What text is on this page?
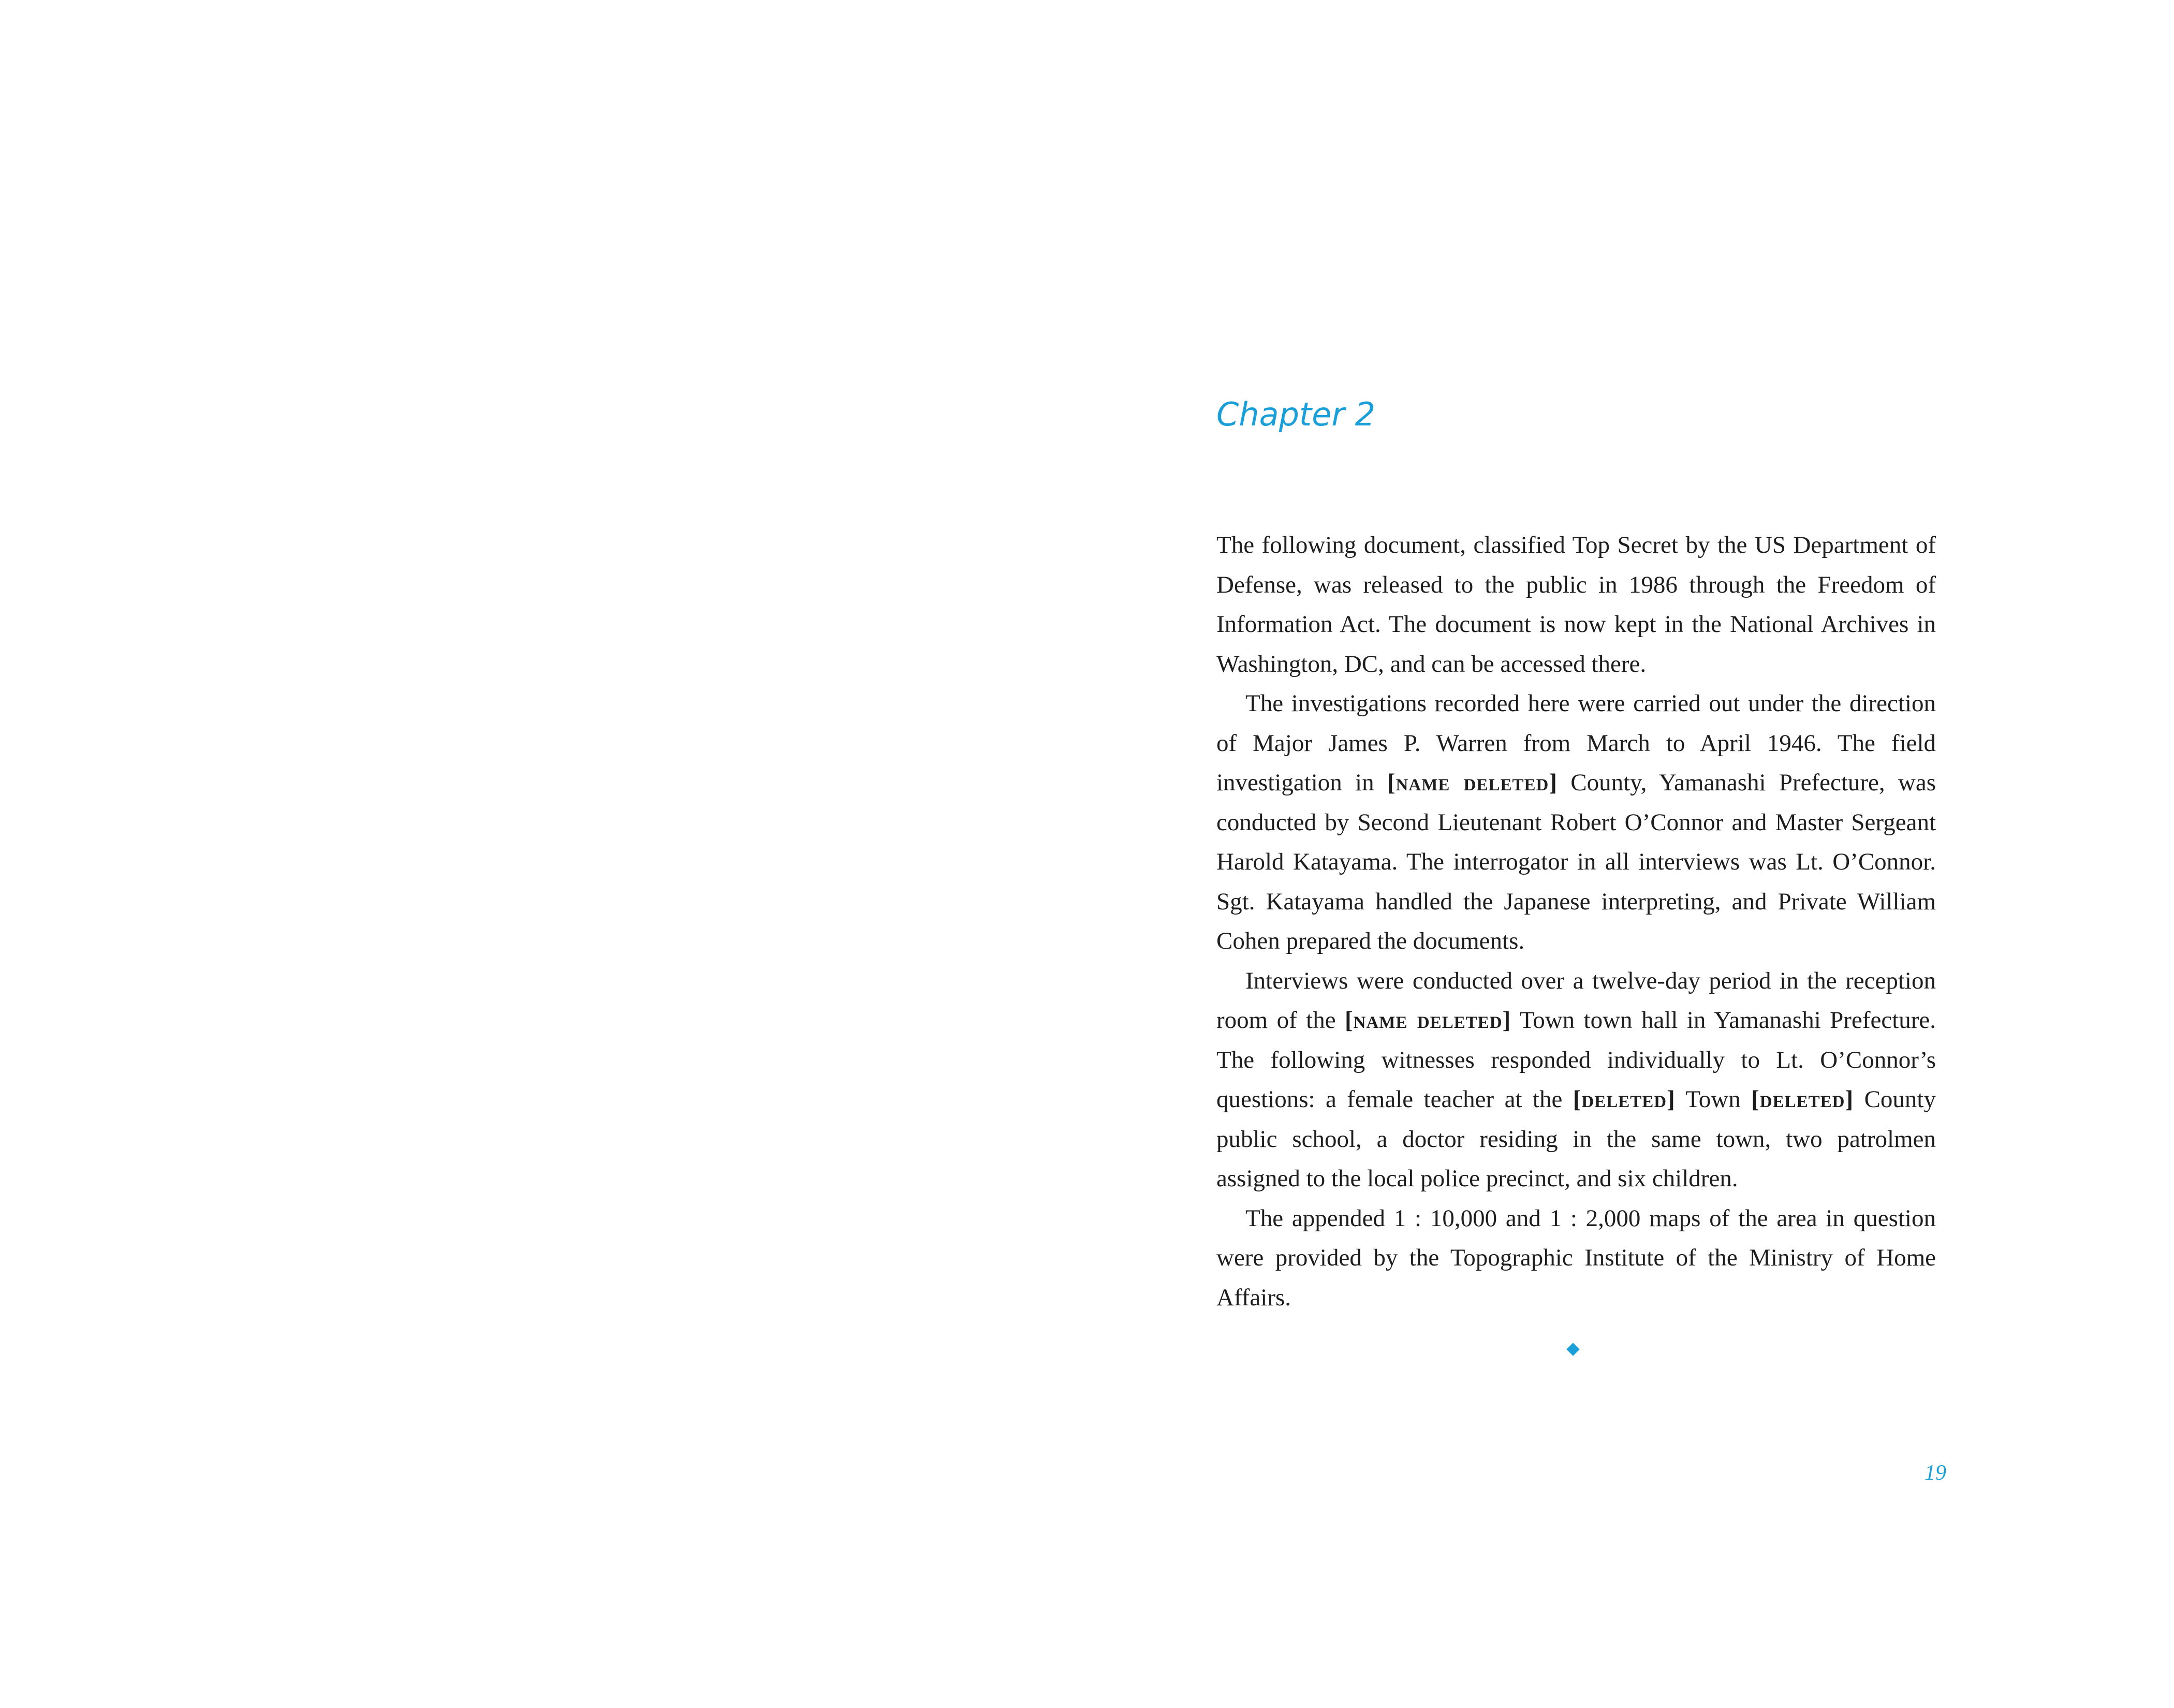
Chapter 2

The following document, classified Top Secret by the US Department of Defense, was released to the public in 1986 through the Freedom of Information Act. The document is now kept in the National Archives in Washington, DC, and can be accessed there.

The investigations recorded here were carried out under the direction of Major James P. Warren from March to April 1946. The field investigation in [name deleted] County, Yamanashi Prefecture, was conducted by Second Lieutenant Robert O’Connor and Master Sergeant Harold Katayama. The interrogator in all interviews was Lt. O’Connor. Sgt. Katayama handled the Japanese interpreting, and Private William Cohen prepared the documents.

Interviews were conducted over a twelve-day period in the reception room of the [name deleted] Town town hall in Yamanashi Prefecture. The following witnesses responded individually to Lt. O’Connor’s questions: a female teacher at the [deleted] Town [deleted] County public school, a doctor residing in the same town, two patrolmen assigned to the local police precinct, and six children.

The appended 1 : 10,000 and 1 : 2,000 maps of the area in question were provided by the Topographic Institute of the Ministry of Home Affairs.

19
